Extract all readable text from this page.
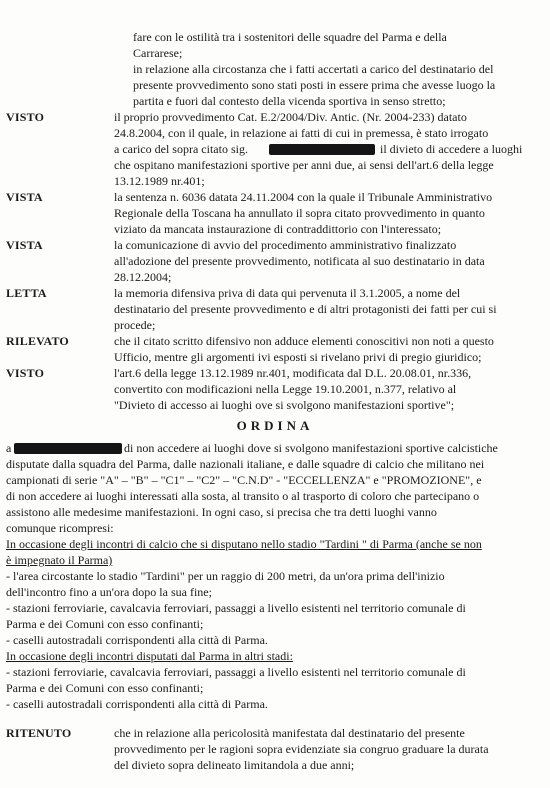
fare con le ostilità tra i sostenitori delle squadre del Parma e della
Carrarese;
in relazione alla circostanza che i fatti accertati a carico del destinatario del
presente provvedimento sono stati posti in essere prima che avesse luogo la
partita e fuori dal contesto della vicenda sportiva in senso stretto;
VISTO	il proprio provvedimento Cat. E.2/2004/Div. Antic. (Nr. 2004-233) datato
24.8.2004, con il quale, in relazione ai fatti di cui in premessa, è stato irrogato
a carico del sopra citato sig.	il divieto di accedere a luoghi
che ospitano manifestazioni sportive per anni due, ai sensi dell'art.6 della legge
13.12.1989 nr.401;
VISTA	la sentenza n. 6036 datata 24.11.2004 con la quale il Tribunale Amministrativo
Regionale della Toscana ha annullato il sopra citato provvedimento in quanto
viziato da mancata instaurazione di contraddittorio con l'interessato;
VISTA	la comunicazione di avvio del procedimento amministrativo finalizzato
all'adozione del presente provvedimento, notificata al suo destinatario in data
28.12.2004;
LETTA	la memoria difensiva priva di data qui pervenuta il 3.1.2005, a nome del
destinatario del presente provvedimento e di altri protagonisti dei fatti per cui si
procede;
RILEVATO	che il citato scritto difensivo non adduce elementi conoscitivi non noti a questo
Ufficio, mentre gli argomenti ivi esposti si rivelano privi di pregio giuridico;
VISTO	l'art.6 della legge 13.12.1989 nr.401, modificata dal D.L. 20.08.01, nr.336,
convertito con modificazioni nella Legge 19.10.2001, n.377, relativo al
"Divieto di accesso ai luoghi ove si svolgono manifestazioni sportive";
ORDINA
a	di non accedere ai luoghi dove si svolgono manifestazioni sportive calcistiche
disputate dalla squadra del Parma, dalle nazionali italiane, e dalle squadre di calcio che militano nei
campionati di serie "A" – "B" – "C1" – "C2" – "C.N.D" - "ECCELLENZA" e "PROMOZIONE", e
di non accedere ai luoghi interessati alla sosta, al transito o al trasporto di coloro che partecipano o
assistono alle medesime manifestazioni. In ogni caso, si precisa che tra detti luoghi vanno
comunque ricompresi:
In occasione degli incontri di calcio che si disputano nello stadio "Tardini " di Parma (anche se non
è impegnato il Parma)
- l'area circostante lo stadio "Tardini" per un raggio di 200 metri, da un'ora prima dell'inizio
dell'incontro fino a un'ora dopo la sua fine;
- stazioni ferroviarie, cavalcavia ferroviari, passaggi a livello esistenti nel territorio comunale di
Parma e dei Comuni con esso confinanti;
- caselli autostradali corrispondenti alla città di Parma.
In occasione degli incontri disputati dal Parma in altri stadi:
- stazioni ferroviarie, cavalcavia ferroviari, passaggi a livello esistenti nel territorio comunale di
Parma e dei Comuni con esso confinanti;
- caselli autostradali corrispondenti alla città di Parma.
RITENUTO	che in relazione alla pericolosità manifestata dal destinatario del presente
provvedimento per le ragioni sopra evidenziate sia congruo graduare la durata
del divieto sopra delineato limitandola a due anni;
